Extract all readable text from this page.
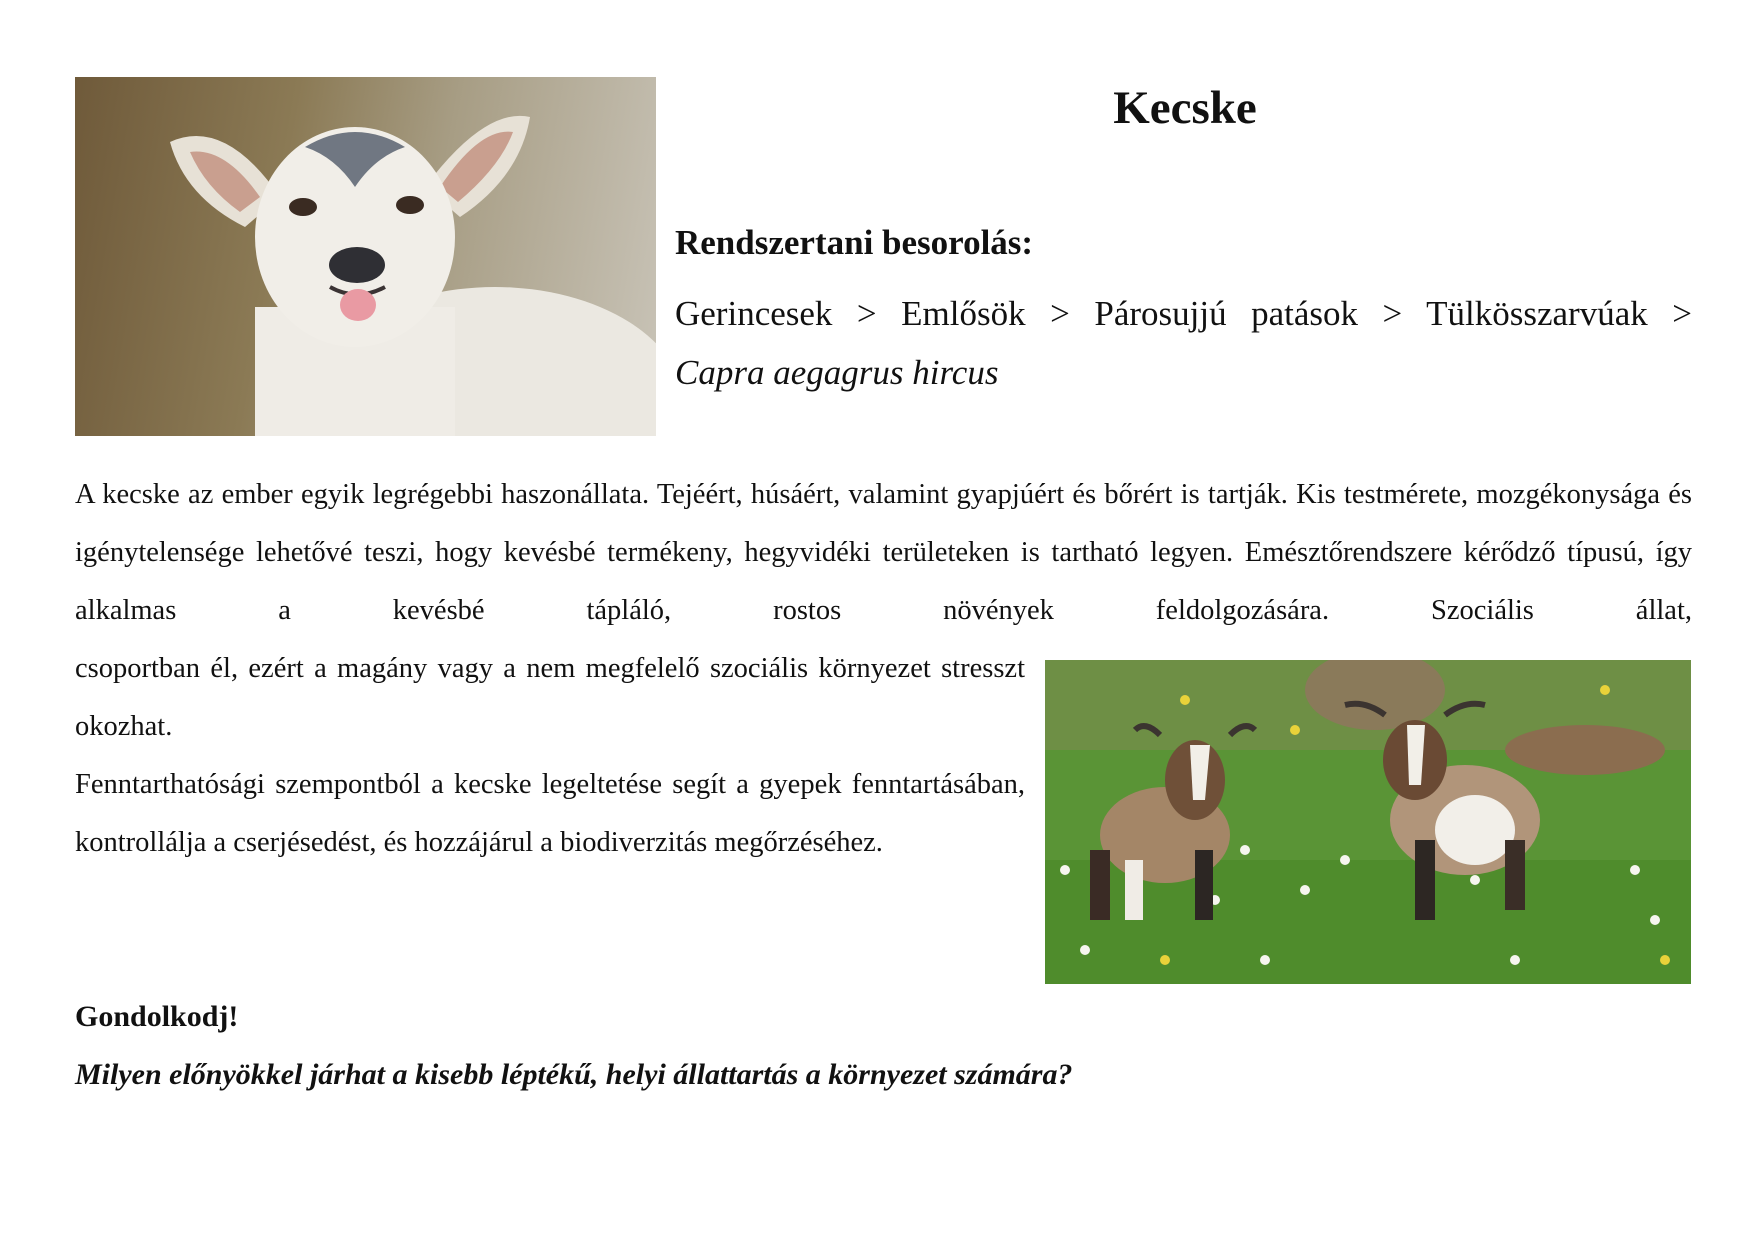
Kecske
Rendszertani besorolás:
Gerincesek > Emlősök > Párosujjú patások > Tülkösszarvúak >
Capra aegagrus hircus
A kecske az ember egyik legrégebbi haszonállata. Tejéért, húsáért, valamint gyapjúért és bőrért is tartják. Kis testmérete, mozgékonysága és igénytelensége lehetővé teszi, hogy kevésbé termékeny, hegyvidéki területeken is tartható legyen. Emésztőrendszere kérődző típusú, így alkalmas a kevésbé tápláló, rostos növények feldolgozására. Szociális állat,
csoportban él, ezért a magány vagy a nem megfelelő szociális környezet stresszt okozhat.
Fenntarthatósági szempontból a kecske legeltetése segít a gyepek fenntartásában, kontrollálja a cserjésedést, és hozzájárul a biodiverzitás megőrzéséhez.
Gondolkodj!
Milyen előnyökkel járhat a kisebb léptékű, helyi állattartás a környezet számára?
